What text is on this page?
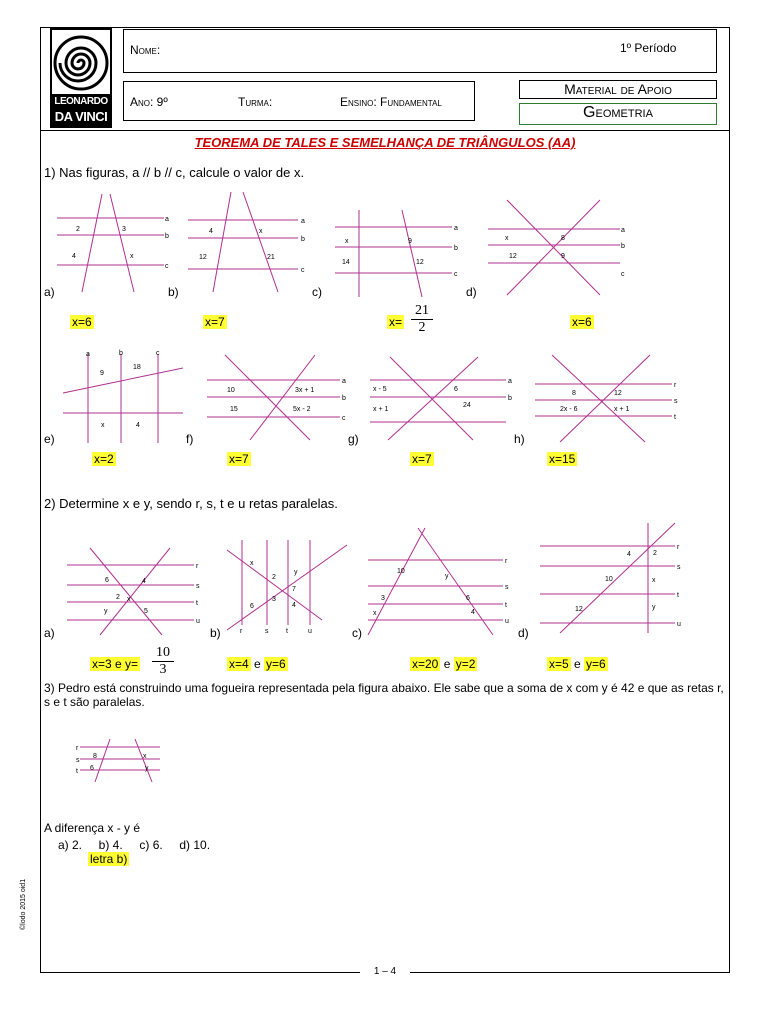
LEONARDO
DA VINCI
Nome:	1º Período
Ano: 9º	Turma:	Ensino: Fundamental
Material de Apoio
Geometria
TEOREMA DE TALES E SEMELHANÇA DE TRIÂNGULOS (AA)
1) Nas figuras, a // b // c, calcule o valor de x.
2	3
4	x
a
b
c
4	x
12	21
a
b
c
x	9
14	12
a
b
c
x	8
12	9
a
b
c
a)	b)	c)	d)
x=6	x=7	$x= \frac{21}{2}$	x=6
a	b	c
9
18
x	4
10	3x + 1
15	5x - 2
a
b
c
x - 5	6
x + 1
24
a
b
8	12
2x - 6	x + 1
r
s
t
e)	f)	g)	h)
x=2	x=7	x=7	x=15
2) Determine x e y, sendo r, s, t e u retas paralelas.
6	4
2 x
y	5
r
s
t
u
x
y
2
7
6
3
4
r	s	t	u
10
y
3	6
x	4
r
s
t
u
4	2
10	x
12	y
r
s
t
u
a)	b)	c)	d)
x=3 e $y= \frac{10}{3}$	x=4 e y=6	x=20 e y=2	x=5 e y=6
3) Pedro está construindo uma fogueira representada pela figura abaixo. Ele sabe que a soma de x com y é 42 e que as retas r, s e t são paralelas.
r
s
t
8
6
x
y
A diferença x - y é
a) 2.     b) 4.     c) 6.     d) 10.
letra b)
©lodo 2015 oid1
1 – 4
